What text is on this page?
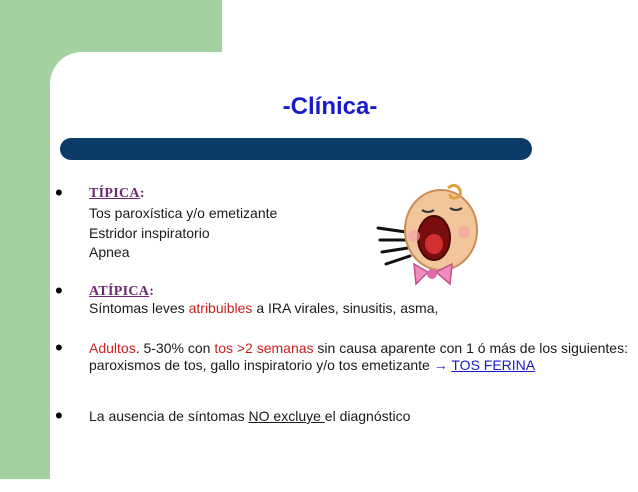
-Clínica-
•	TÍPICA:
Tos paroxística y/o emetizante
Estridor inspiratorio
Apnea
•	ATÍPICA:
Síntomas leves atribuibles a IRA virales, sinusitis, asma,
•	Adultos. 5-30% con tos >2 semanas sin causa aparente con 1 ó más de los siguientes: paroxismos de tos, gallo inspiratorio y/o tos emetizante → TOS FERINA
•	La ausencia de síntomas NO excluye el diagnóstico
